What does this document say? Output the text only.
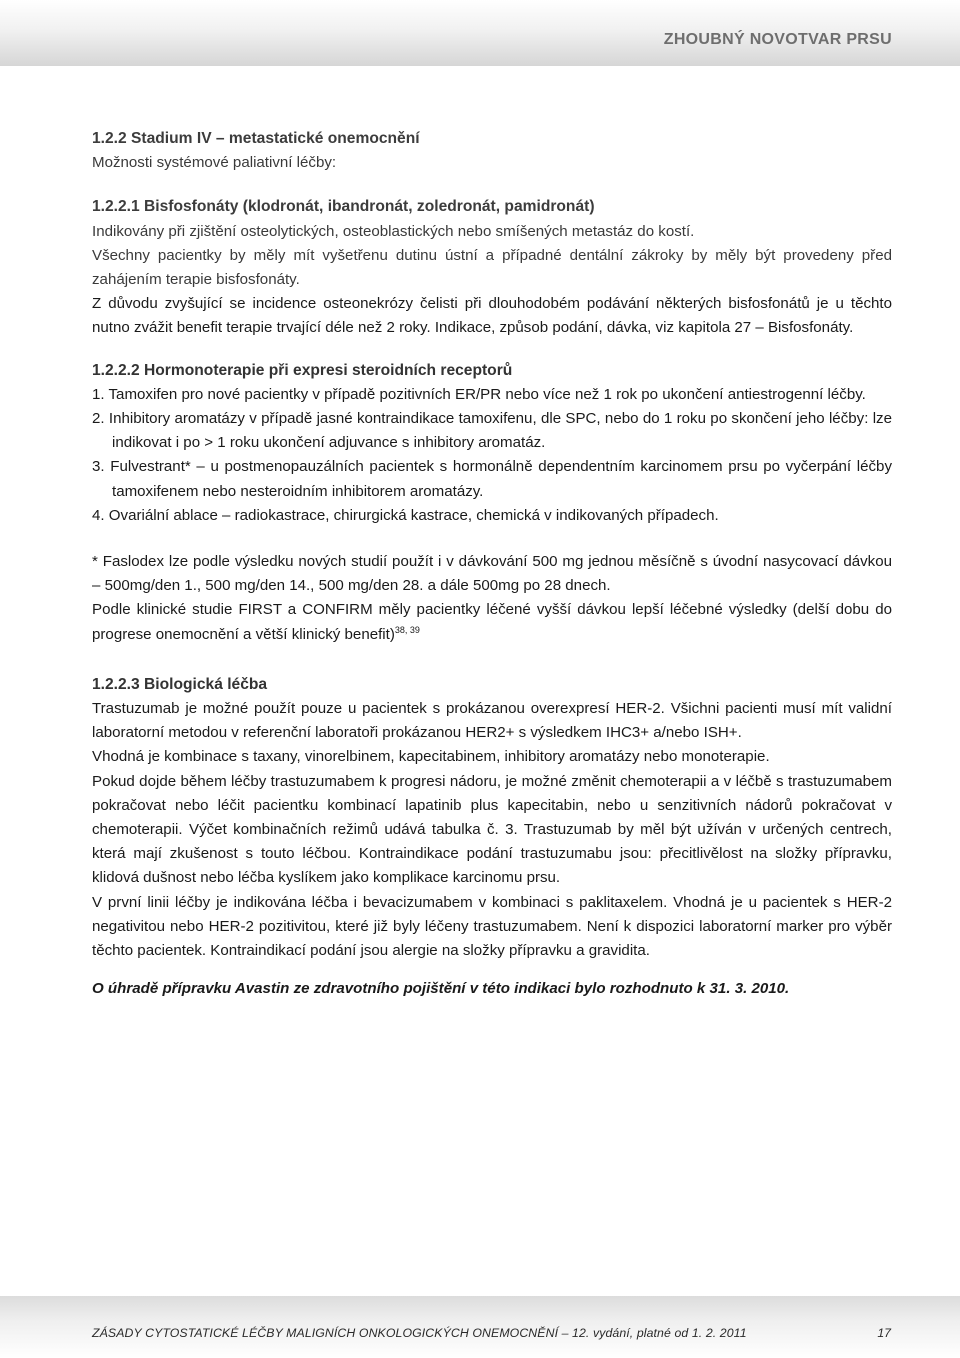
ZHOUBNÝ NOVOTVAR PRSU
1.2.2 Stadium IV – metastatické onemocnění
Možnosti systémové paliativní léčby:
1.2.2.1 Bisfosfonáty (klodronát, ibandronát, zoledronát, pamidronát)
Indikovány při zjištění osteolytických, osteoblastických nebo smíšených metastáz do kostí.
Všechny pacientky by měly mít vyšetřenu dutinu ústní a případné dentální zákroky by měly být provedeny před zahájením terapie bisfosfonáty.
Z důvodu zvyšující se incidence osteonekrózy čelisti při dlouhodobém podávání některých bisfosfonátů je u těchto nutno zvážit benefit terapie trvající déle než 2 roky. Indikace, způsob podání, dávka, viz kapitola 27 – Bisfosfonáty.
1.2.2.2 Hormonoterapie při expresi steroidních receptorů
1. Tamoxifen pro nové pacientky v případě pozitivních ER/PR nebo více než 1 rok po ukončení antiestrogenní léčby.
2. Inhibitory aromatázy v případě jasné kontraindikace tamoxifenu, dle SPC, nebo do 1 roku po skončení jeho léčby: lze indikovat i po > 1 roku ukončení adjuvance s inhibitory aromatáz.
3. Fulvestrant* – u postmenopauzálních pacientek s hormonálně dependentním karcinomem prsu po vyčerpání léčby tamoxifenem nebo nesteroidním inhibitorem aromatázy.
4. Ovariální ablace – radiokastrace, chirurgická kastrace, chemická v indikovaných případech.
* Faslodex lze podle výsledku nových studií použít i v dávkování 500 mg jednou měsíčně s úvodní nasycovací dávkou – 500mg/den 1., 500 mg/den 14., 500 mg/den 28. a dále 500mg po 28 dnech.
Podle klinické studie FIRST a CONFIRM měly pacientky léčené vyšší dávkou lepší léčebné výsledky (delší dobu do progrese onemocnění a větší klinický benefit)$^{38, 39}$
1.2.2.3 Biologická léčba
Trastuzumab je možné použít pouze u pacientek s prokázanou overexpresí HER-2. Všichni pacienti musí mít validní laboratorní metodou v referenční laboratoři prokázanou HER2+ s výsledkem IHC3+ a/nebo ISH+.
Vhodná je kombinace s taxany, vinorelbinem, kapecitabinem, inhibitory aromatázy nebo monoterapie.
Pokud dojde během léčby trastuzumabem k progresi nádoru, je možné změnit chemoterapii a v léčbě s trastuzumabem pokračovat nebo léčit pacientku kombinací lapatinib plus kapecitabin, nebo u senzitivních nádorů pokračovat v chemoterapii. Výčet kombinačních režimů udává tabulka č. 3. Trastuzumab by měl být užíván v určených centrech, která mají zkušenost s touto léčbou. Kontraindikace podání trastuzumabu jsou: přecitlivělost na složky přípravku, klidová dušnost nebo léčba kyslíkem jako komplikace karcinomu prsu.
V první linii léčby je indikována léčba i bevacizumabem v kombinaci s paklitaxelem. Vhodná je u pacientek s HER-2 negativitou nebo HER-2 pozitivitou, které již byly léčeny trastuzumabem. Není k dispozici laboratorní marker pro výběr těchto pacientek. Kontraindikací podání jsou alergie na složky přípravku a gravidita.
O úhradě přípravku Avastin ze zdravotního pojištění v této indikaci bylo rozhodnuto k 31. 3. 2010.
ZÁSADY CYTOSTATICKÉ LÉČBY MALIGNÍCH ONKOLOGICKÝCH ONEMOCNĚNÍ – 12. vydání, platné od 1. 2. 2011	17
